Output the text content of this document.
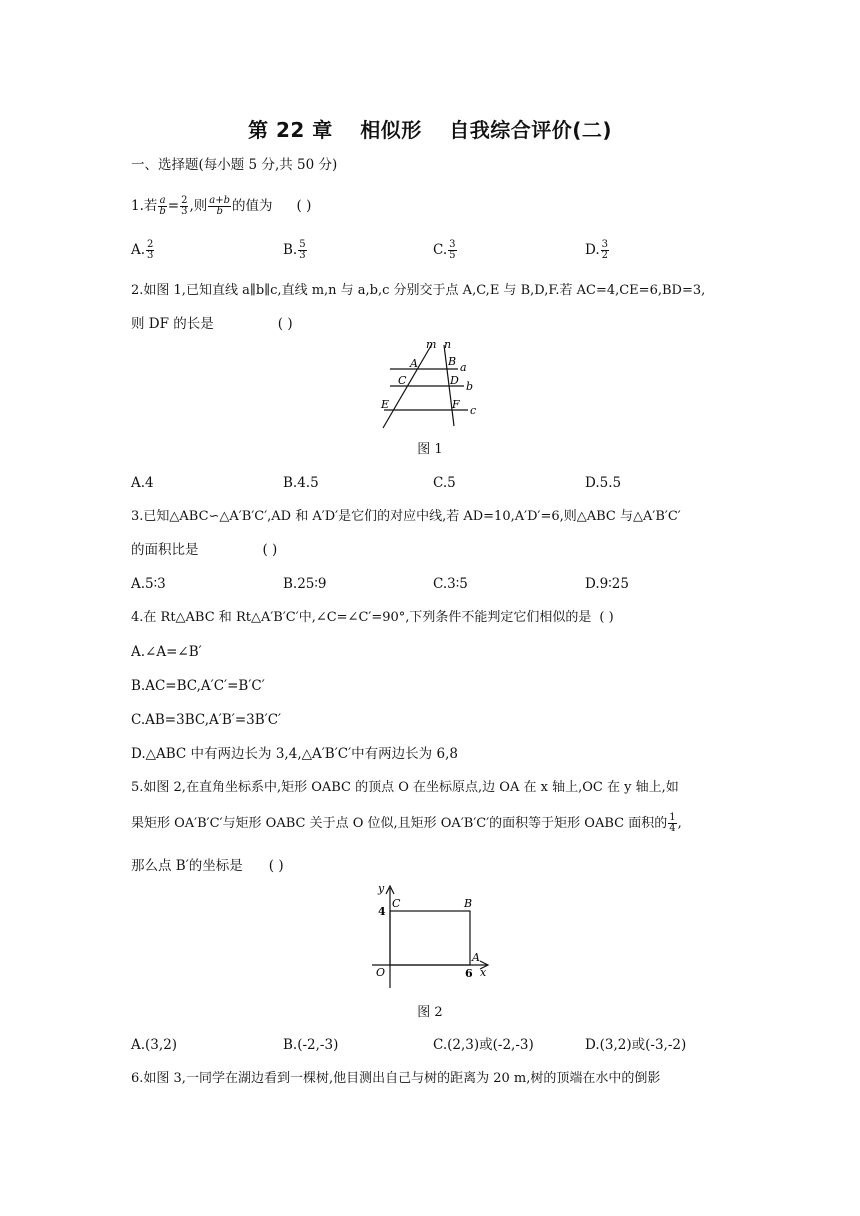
第 22 章 相似形 自我综合评价(二)
一、选择题(每小题 5 分,共 50 分)
1.若 $\frac{a}{b} = \frac{2}{3}$ ,则 $\frac{a+b}{b}$ 的值为 ( )
A. $\frac{2}{3}$	B. $\frac{5}{3}$	C. $\frac{3}{5}$	D. $\frac{3}{2}$
2.如图 1,已知直线 a∥b∥c,直线 m,n 与 a,b,c 分别交于点 A,C,E 与 B,D,F.若 AC=4,CE=6,BD=3,
则 DF 的长是	( )
m n
A	B a
C	D b
E	F c
图 1
A.4	B.4.5	C.5	D.5.5
3.已知△ABC∽△A′B′C′,AD 和 A′D′是它们的对应中线,若 AD=10,A′D′=6,则△ABC 与△A′B′C′
的面积比是	( )
A.5∶3	B.25∶9	C.3∶5	D.9∶25
4.在 Rt△ABC 和 Rt△A′B′C′中,∠C=∠C′=90°,下列条件不能判定它们相似的是 ( )
A.∠A=∠B′
B.AC=BC,A′C′=B′C′
C.AB=3BC,A′B′=3B′C′
D.△ABC 中有两边长为 3,4,△A′B′C′中有两边长为 6,8
5.如图 2,在直角坐标系中,矩形 OABC 的顶点 O 在坐标原点,边 OA 在 x 轴上,OC 在 y 轴上,如
果矩形 OA′B′C′与矩形 OABC 关于点 O 位似,且矩形 OA′B′C′的面积等于矩形 OABC 面积的 $\frac{1}{4}$ ,
那么点 B′的坐标是 ( )
y
x
C	B
A
O
4
6
图 2
A.(3,2)	B.(-2,-3)	C.(2,3)或(-2,-3)	D.(3,2)或(-3,-2)
6.如图 3,一同学在湖边看到一棵树,他目测出自己与树的距离为 20 m,树的顶端在水中的倒影
